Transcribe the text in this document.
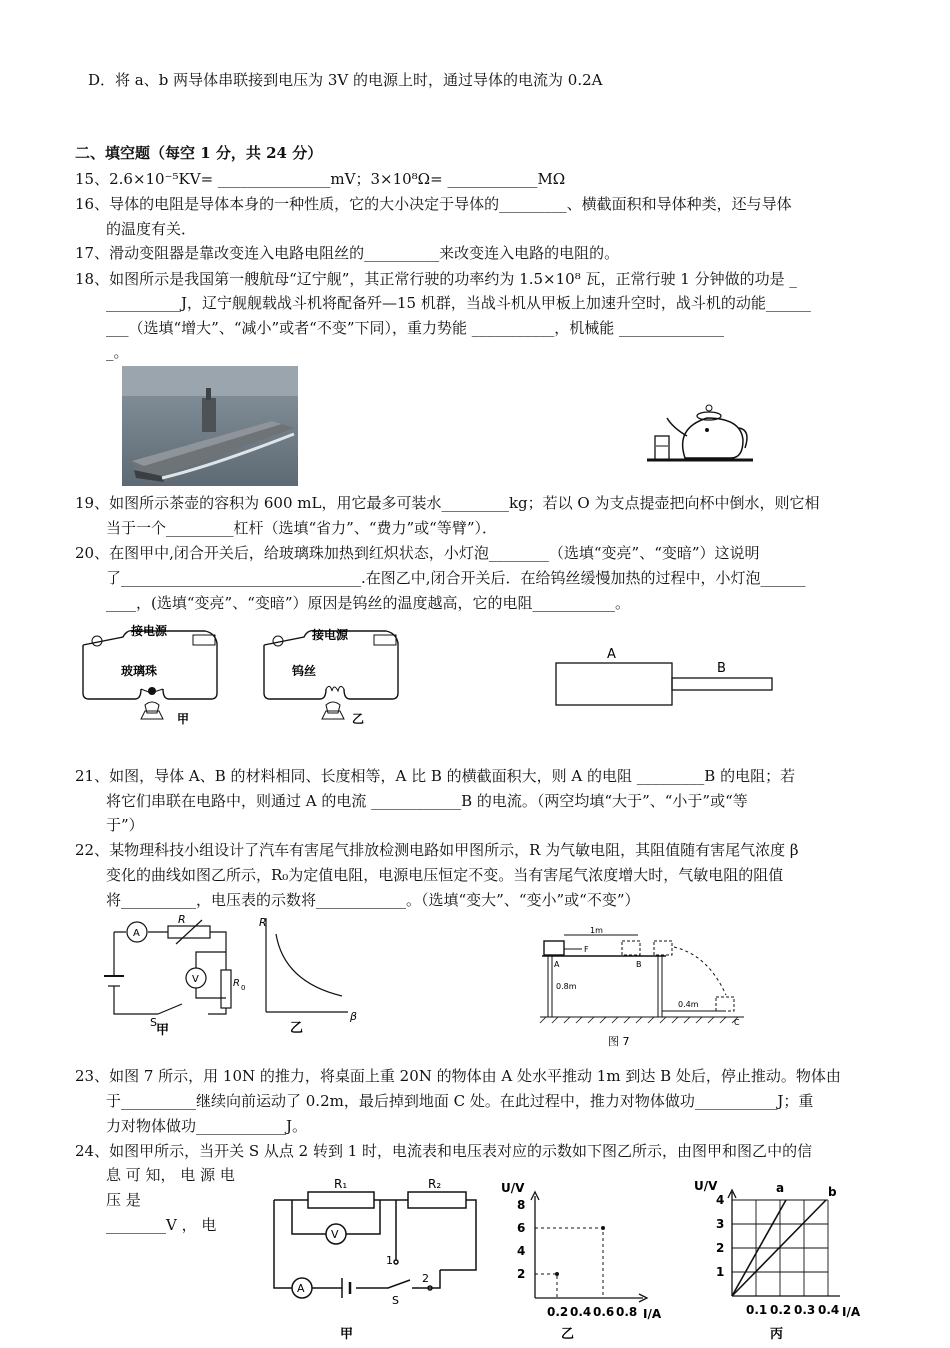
D．将 a、b 两导体串联接到电压为 3V 的电源上时，通过导体的电流为 0.2A
二、填空题（每空 1 分，共 24 分）
15、2.6×10⁻⁵KV= _______________mV；3×10⁸Ω= ____________MΩ
16、导体的电阻是导体本身的一种性质，它的大小决定于导体的_________、横截面积和导体种类，还与导体
的温度有关．
17、滑动变阻器是靠改变连入电路电阻丝的__________来改变连入电路的电阻的。
18、如图所示是我国第一艘航母“辽宁舰”，其正常行驶的功率约为 1.5×10⁸ 瓦，正常行驶 1 分钟做的功是 _
__________J，辽宁舰舰载战斗机将配备歼—15 机群，当战斗机从甲板上加速升空时，战斗机的动能______
___（选填“增大”、“减小”或者“不变”下同），重力势能 ___________，机械能 ______________
_。
19、如图所示茶壶的容积为 600 mL，用它最多可装水_________kg；若以 O 为支点提壶把向杯中倒水，则它相
当于一个_________杠杆（选填“省力”、“费力”或“等臂”）．
20、在图甲中,闭合开关后，给玻璃珠加热到红炽状态，小灯泡________（选填“变亮”、“变暗”）这说明
了________________________________.在图乙中,闭合开关后．在给钨丝缓慢加热的过程中，小灯泡______
____，(选填“变亮”、“变暗”）原因是钨丝的温度越高，它的电阻___________。
接电源
玻璃珠
甲
接电源
钨丝
乙
A
B
21、如图，导体 A、B 的材料相同、长度相等，A 比 B 的横截面积大，则 A 的电阻 _________B 的电阻；若
将它们串联在电路中，则通过 A 的电流 ____________B 的电流。（两空均填“大于”、“小于”或“等
于”）
22、某物理科技小组设计了汽车有害尾气排放检测电路如甲图所示，R 为气敏电阻，其阻值随有害尾气浓度 β
变化的曲线如图乙所示，R₀为定值电阻，电源电压恒定不变。当有害尾气浓度增大时，气敏电阻的阻值
将__________，电压表的示数将____________。（选填“变大”、“变小”或“不变”）
A
V
R
R 0
S
甲
R
β
乙
1m
F
A	B
C
0.8m
0.4m
图 7
23、如图 7 所示，用 10N 的推力，将桌面上重 20N 的物体由 A 处水平推动 1m 到达 B 处后，停止推动。物体由
于__________继续向前运动了 0.2m，最后掉到地面 C 处。在此过程中，推力对物体做功___________J；重
力对物体做功____________J。
24、如图甲所示，当开关 S 从点 2 转到 1 时，电流表和电压表对应的示数如下图乙所示，由图甲和图乙中的信
息 可 知， 电 源 电
压 是
________V ， 电
R₁	R₂
V
A
1
2
S
甲
2
4
6
8
0.2 0.4 0.6 0.8
U/V
I/A
乙
1
2
3
4
0.1 0.2 0.3 0.4
U/V
I/A
a	b
丙
